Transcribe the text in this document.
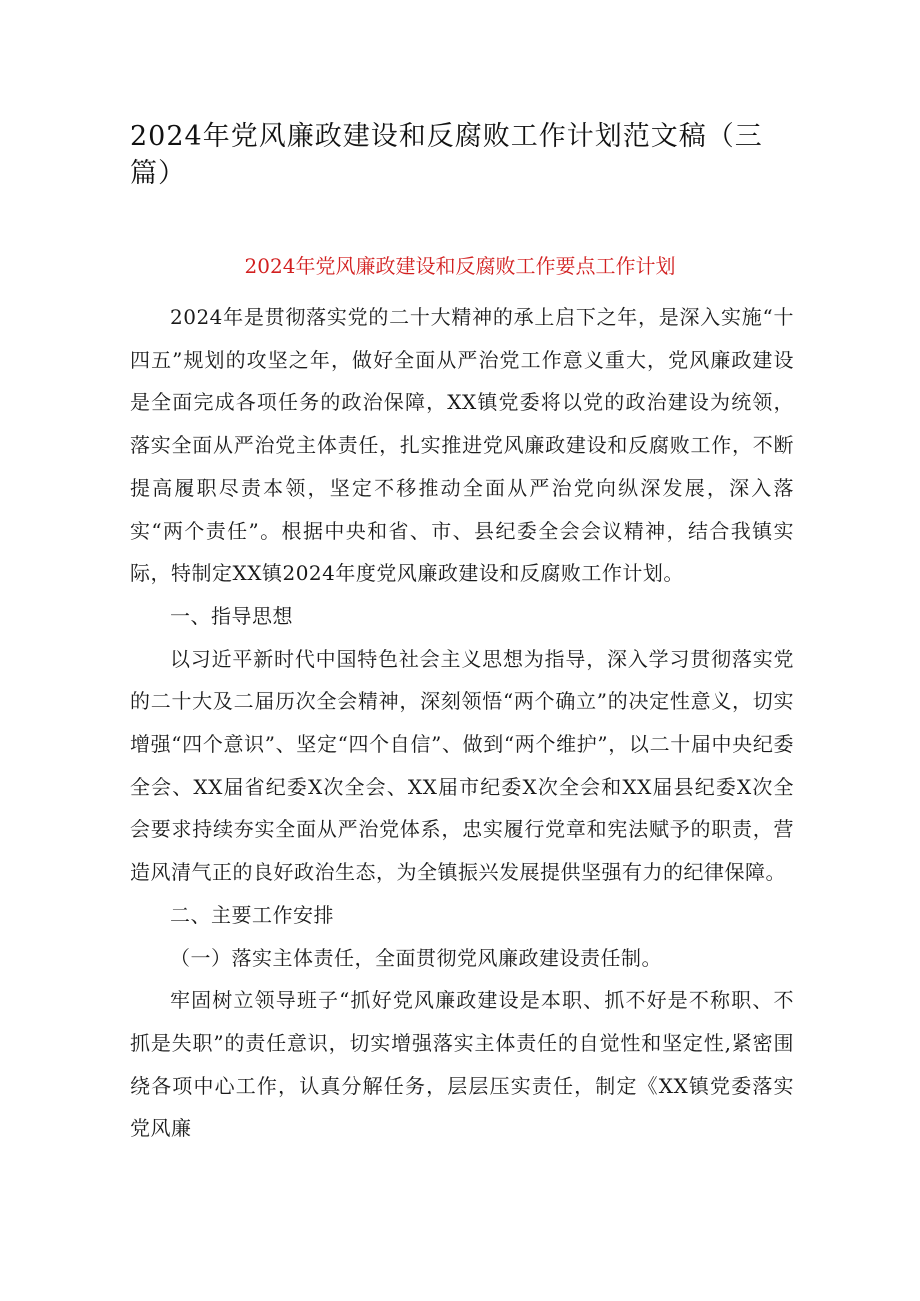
2024年党风廉政建设和反腐败工作计划范文稿（三篇）
2024年党风廉政建设和反腐败工作要点工作计划

2024年是贯彻落实党的二十大精神的承上启下之年，是深入实施“十四五”规划的攻坚之年，做好全面从严治党工作意义重大，党风廉政建设是全面完成各项任务的政治保障，XX镇党委将以党的政治建设为统领，落实全面从严治党主体责任，扎实推进党风廉政建设和反腐败工作，不断提高履职尽责本领，坚定不移推动全面从严治党向纵深发展，深入落实“两个责任”。根据中央和省、市、县纪委全会会议精神，结合我镇实际，特制定XX镇2024年度党风廉政建设和反腐败工作计划。

一、指导思想

以习近平新时代中国特色社会主义思想为指导，深入学习贯彻落实党的二十大及二届历次全会精神，深刻领悟“两个确立”的决定性意义，切实增强“四个意识”、坚定“四个自信”、做到“两个维护”，以二十届中央纪委全会、XX届省纪委X次全会、XX届市纪委X次全会和XX届县纪委X次全会要求持续夯实全面从严治党体系，忠实履行党章和宪法赋予的职责，营造风清气正的良好政治生态，为全镇振兴发展提供坚强有力的纪律保障。

二、主要工作安排

（一）落实主体责任，全面贯彻党风廉政建设责任制。

牢固树立领导班子“抓好党风廉政建设是本职、抓不好是不称职、不抓是失职”的责任意识，切实增强落实主体责任的自觉性和坚定性,紧密围绕各项中心工作，认真分解任务，层层压实责任，制定《XX镇党委落实党风廉
